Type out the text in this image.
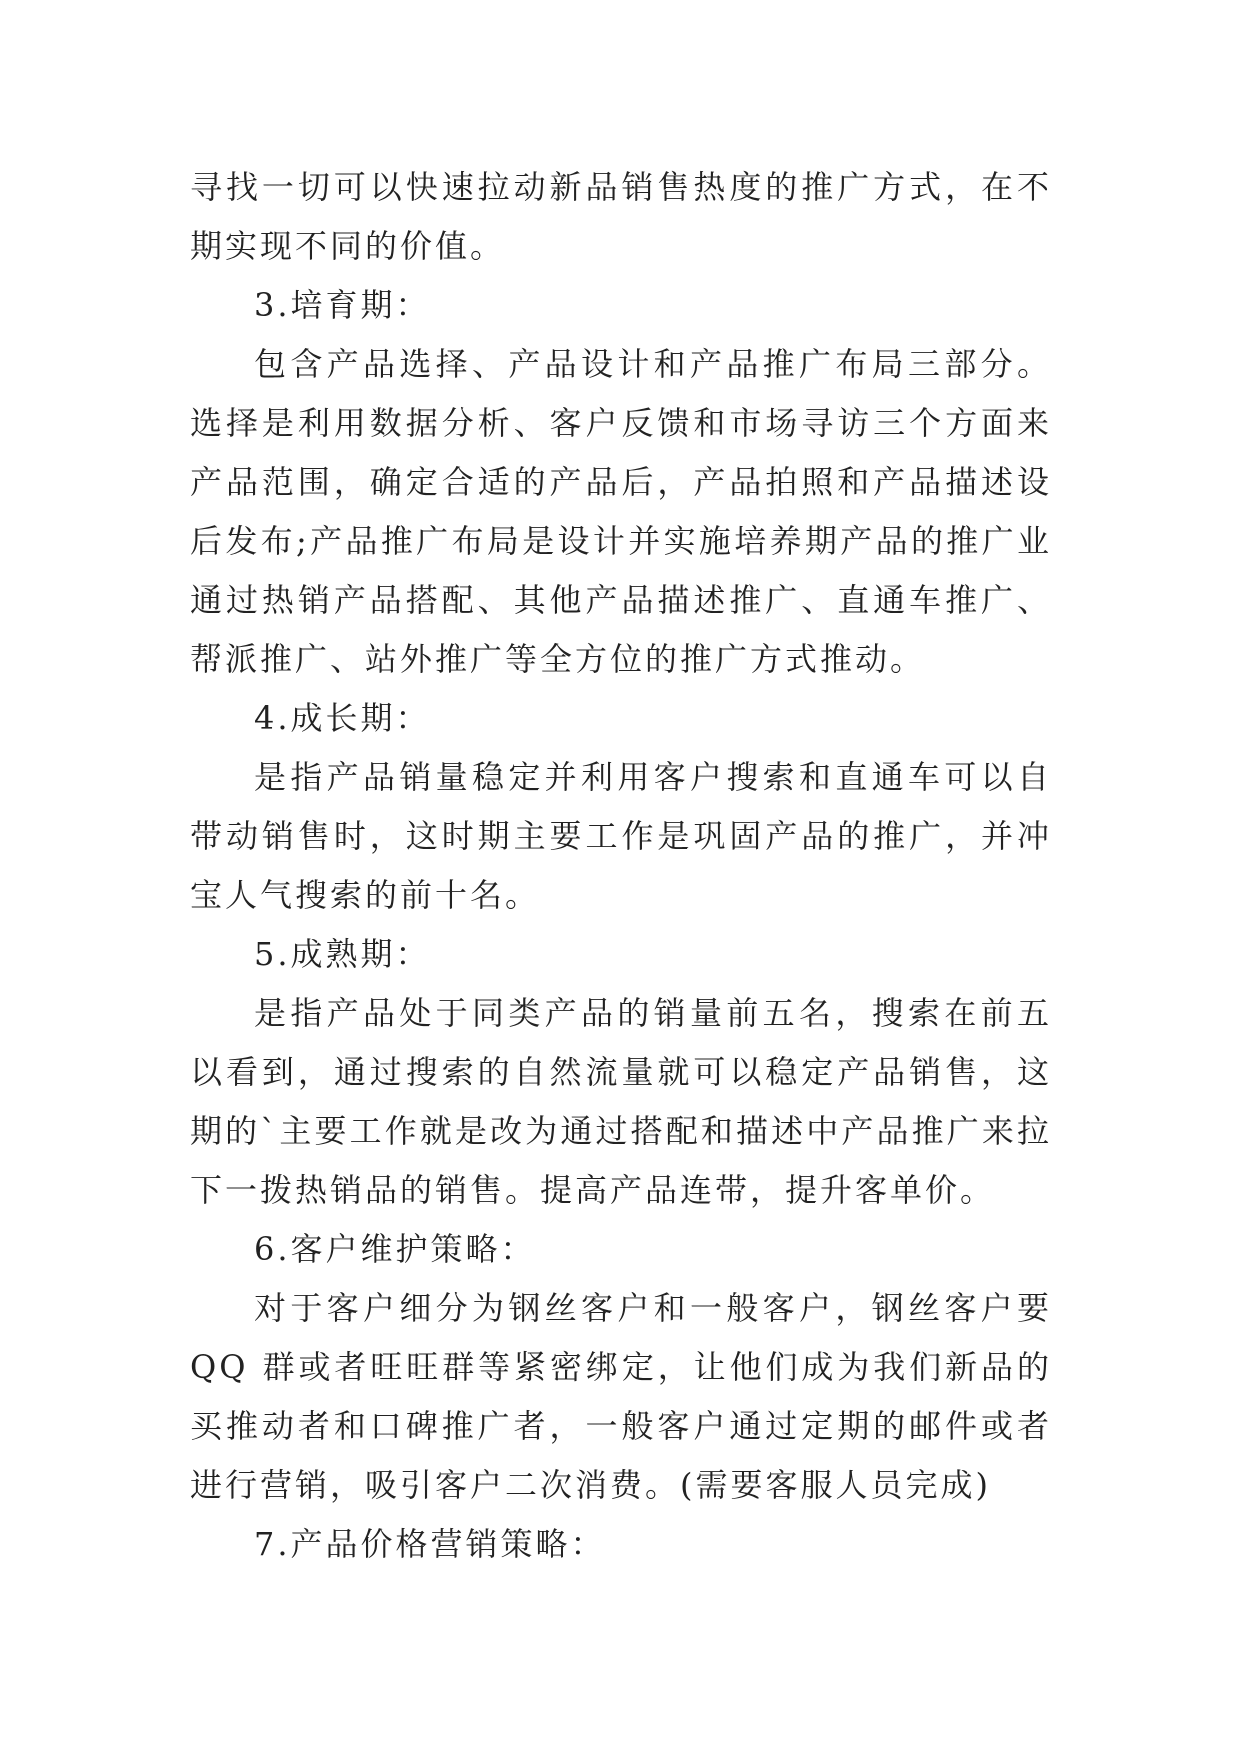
寻找一切可以快速拉动新品销售热度的推广方式，在不
期实现不同的价值。
3.培育期：
包含产品选择、产品设计和产品推广布局三部分。
选择是利用数据分析、客户反馈和市场寻访三个方面来
产品范围，确定合适的产品后，产品拍照和产品描述设
后发布;产品推广布局是设计并实施培养期产品的推广业
通过热销产品搭配、其他产品描述推广、直通车推广、
帮派推广、站外推广等全方位的推广方式推动。
4.成长期：
是指产品销量稳定并利用客户搜索和直通车可以自
带动销售时，这时期主要工作是巩固产品的推广，并冲
宝人气搜索的前十名。
5.成熟期：
是指产品处于同类产品的销量前五名，搜索在前五
以看到，通过搜索的自然流量就可以稳定产品销售，这
期的`主要工作就是改为通过搭配和描述中产品推广来拉
下一拨热销品的销售。提高产品连带，提升客单价。
6.客户维护策略：
对于客户细分为钢丝客户和一般客户，钢丝客户要
QQ 群或者旺旺群等紧密绑定，让他们成为我们新品的
买推动者和口碑推广者，一般客户通过定期的邮件或者
进行营销，吸引客户二次消费。(需要客服人员完成)
7.产品价格营销策略：
